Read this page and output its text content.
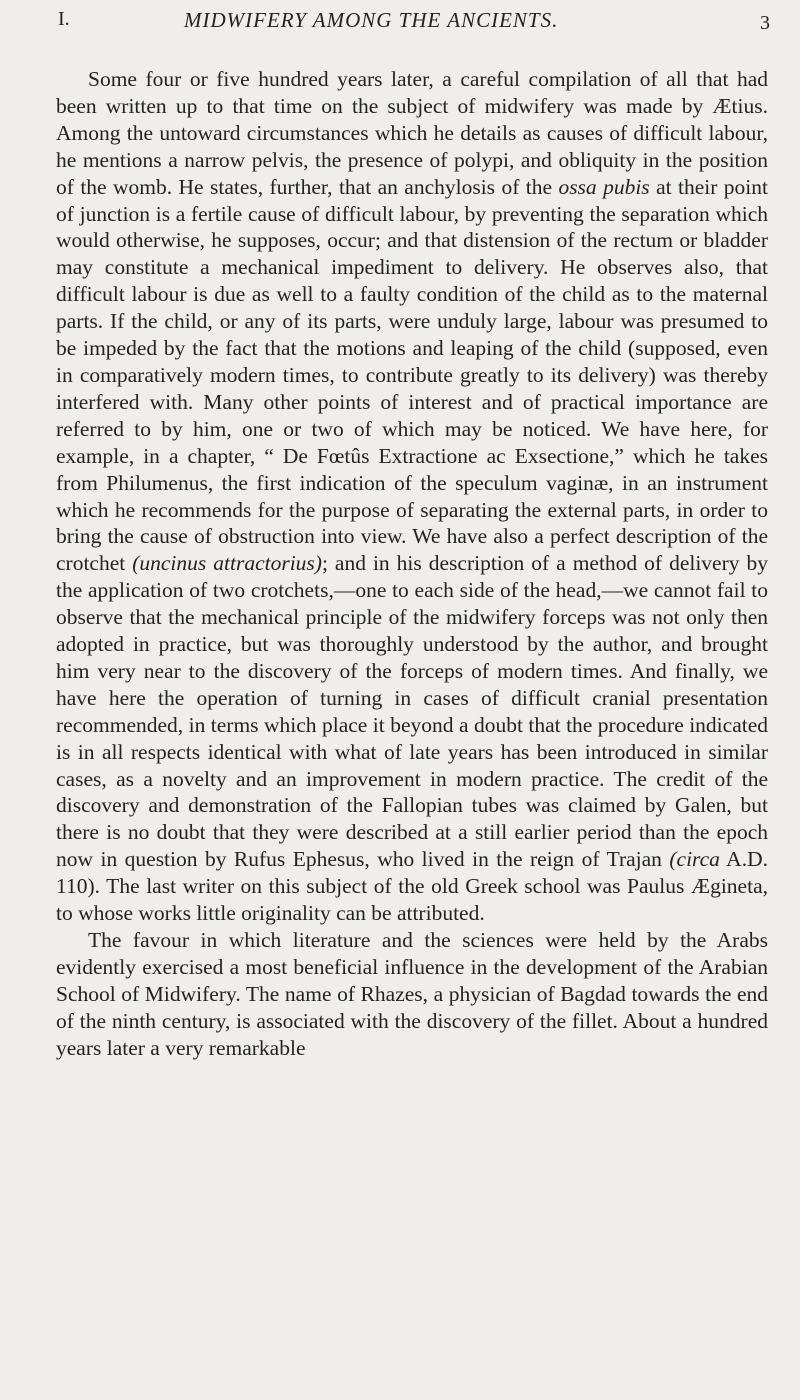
I.	MIDWIFERY AMONG THE ANCIENTS.	3

Some four or five hundred years later, a careful compilation of all that had been written up to that time on the subject of midwifery was made by Ætius. Among the untoward circumstances which he details as causes of difficult labour, he mentions a narrow pelvis, the presence of polypi, and obliquity in the position of the womb. He states, further, that an anchylosis of the ossa pubis at their point of junction is a fertile cause of difficult labour, by preventing the separation which would otherwise, he supposes, occur; and that distension of the rectum or bladder may constitute a mechanical impediment to delivery. He observes also, that difficult labour is due as well to a faulty condition of the child as to the maternal parts. If the child, or any of its parts, were unduly large, labour was presumed to be impeded by the fact that the motions and leaping of the child (supposed, even in comparatively modern times, to contribute greatly to its delivery) was thereby interfered with. Many other points of interest and of practical importance are referred to by him, one or two of which may be noticed. We have here, for example, in a chapter, “ De Fœtûs Extractione ac Exsectione,” which he takes from Philumenus, the first indication of the speculum vaginæ, in an instrument which he recommends for the purpose of separating the external parts, in order to bring the cause of obstruction into view. We have also a perfect description of the crotchet (uncinus attractorius); and in his description of a method of delivery by the application of two crotchets,—one to each side of the head,—we cannot fail to observe that the mechanical principle of the midwifery forceps was not only then adopted in practice, but was thoroughly understood by the author, and brought him very near to the discovery of the forceps of modern times. And finally, we have here the operation of turning in cases of difficult cranial presentation recommended, in terms which place it beyond a doubt that the procedure indicated is in all respects identical with what of late years has been introduced in similar cases, as a novelty and an improvement in modern practice. The credit of the discovery and demonstration of the Fallopian tubes was claimed by Galen, but there is no doubt that they were described at a still earlier period than the epoch now in question by Rufus Ephesus, who lived in the reign of Trajan (circa A.D. 110). The last writer on this subject of the old Greek school was Paulus Ægineta, to whose works little originality can be attributed.

The favour in which literature and the sciences were held by the Arabs evidently exercised a most beneficial influence in the development of the Arabian School of Midwifery. The name of Rhazes, a physician of Bagdad towards the end of the ninth century, is associated with the discovery of the fillet. About a hundred years later a very remarkable
